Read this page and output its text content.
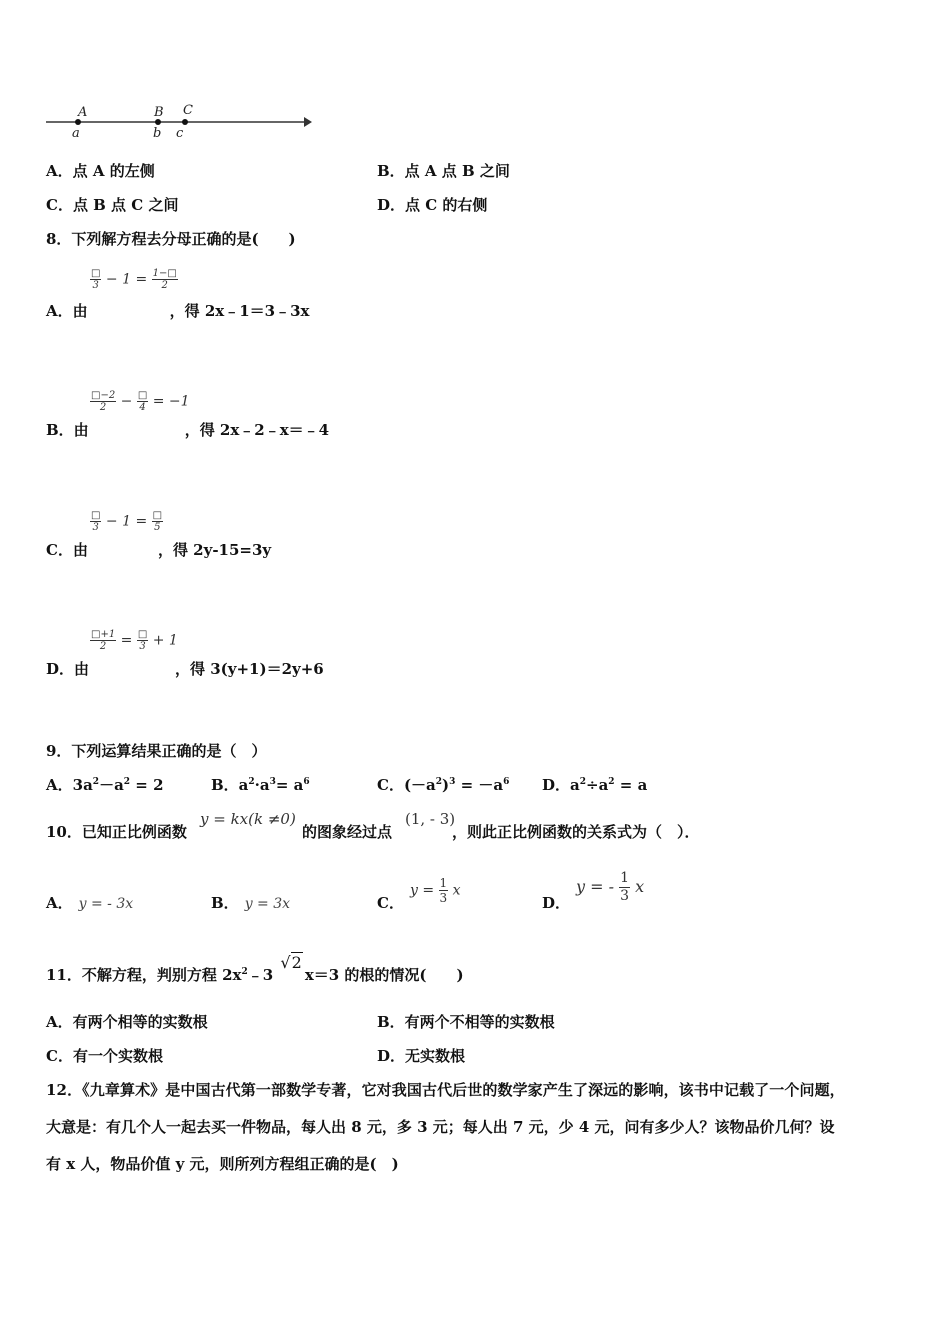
A	B C
a	b c
A．点 A 的左侧	B．点 A 点 B 之间
C．点 B 点 C 之间	D．点 C 的右侧
8．下列解方程去分母正确的是(　　)
□
$3 - 1 = \frac{1-□}{2}$
A．由	，得 2x﹣1＝3﹣3x
$\frac{□-2}{2}$ − □
4 = −1
B．由	，得 2x﹣2﹣x＝﹣4
□
3 − 1 = □
5
C．由	，得 2y-15=3y
$\frac{□+1}{2}$ = □
3 + 1
D．由	，得 3(y+1)＝2y+6
9．下列运算结果正确的是（　）
A．$3a^2-a^2 = 2$	B．$a^2\cdot a^3= a^6$	C．$(-a^2)^3 = -a^6$ D．$a^2\div a^2 = a$
10．已知正比例函数
y = kx(k ≠0)
的图象经过点
(1, - 3)
，则此正比例函数的关系式为（　）．
A． y = - 3x	B． y = 3x	C．
$y = \frac{1}{3}$ x
D．
y = - $\frac{1}{3}$ x
11．不解方程，判别方程 $2x^2﹣3$ √2x＝3 的根的情况(　　)
A．有两个相等的实数根	B．有两个不相等的实数根
C．有一个实数根	D．无实数根
12．《九章算术》是中国古代第一部数学专著，它对我国古代后世的数学家产生了深远的影响，该书中记载了一个问题，
大意是：有几个人一起去买一件物品，每人出 8 元，多 3 元；每人出 7 元，少 4 元，问有多少人？该物品价几何？设
有 x 人，物品价值 y 元，则所列方程组正确的是(　)
